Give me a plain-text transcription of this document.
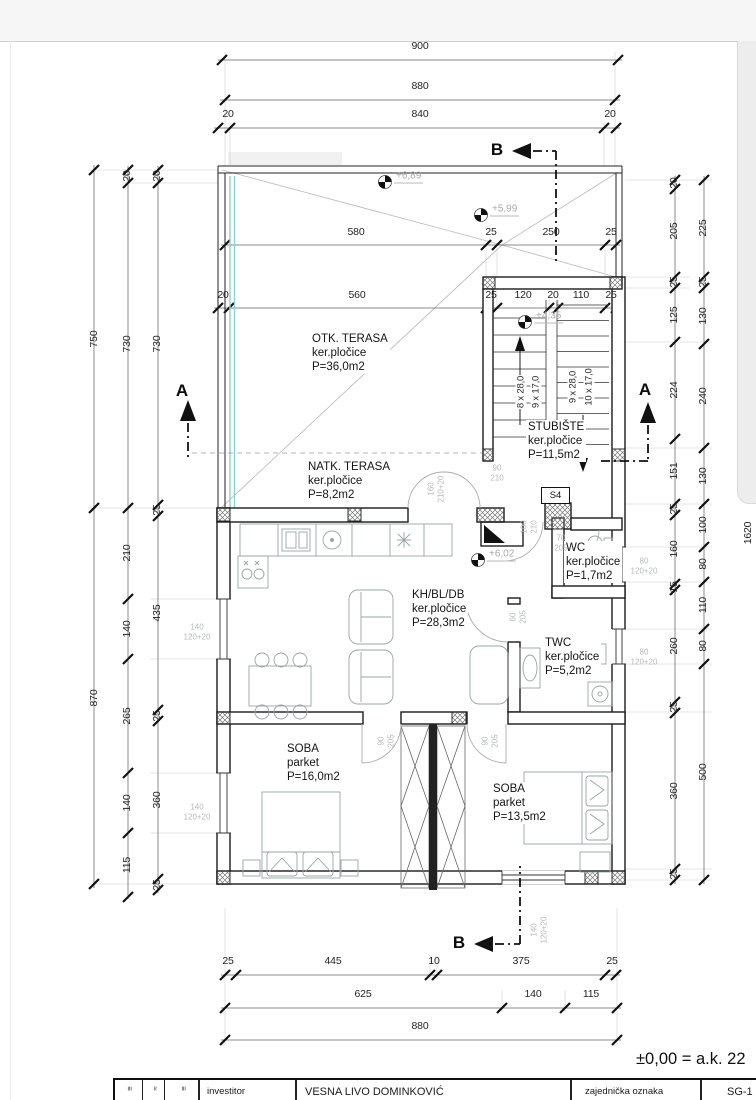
900
880
20	840	20
580	25	250	25
20	560	25 120 20 110 25
25	445	10	375	25
625	140	115
880
750
870
20
730
210
140
265
140
115
20
730
25
435
25
360
25
20
205
25
125
224
151
25
160
15
260
25
360
25
225
25
130
240
130
100
80
110
80
500
1620
8 x 28,0 9 x 17,0	9 x 28,0 10 x 17,0
OTK. TERASA
ker.pločice
P=36,0m2
STUBIŠTE
ker.pločice
P=11,5m2
NATK. TERASA
ker.pločice
P=8,2m2
KH/BL/DB
ker.pločice
P=28,3m2
WC
ker.pločice
P=1,7m2
TWC
ker.pločice
P=5,2m2
SOBA
parket
P=16,0m2
SOBA
parket
P=13,5m2
+6,89
+5,99
+4,35
+6,02
140
120+20
140
120+20
80
120+20
80
120+20
140 120+20
160 210+20
90
210
100 210
90 205	90 205
70
205
60 205
B
B
A	A
S4
±0,00 = a.k. 22
≡ ≈ ≡ investitor	VESNA LIVO DOMINKOVIĆ	zajednička oznaka	SG-1
